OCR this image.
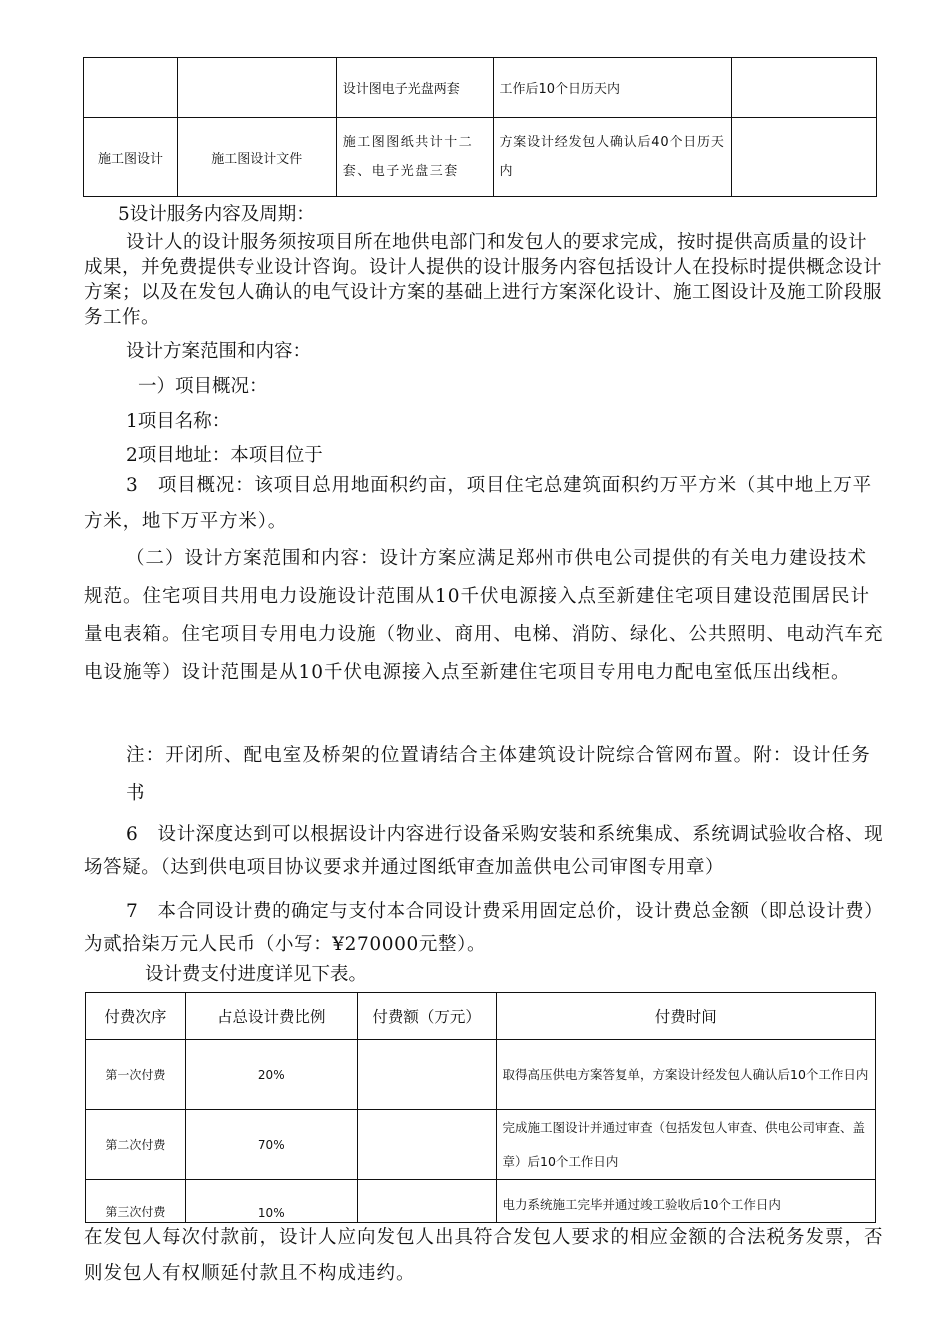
		设计图电子光盘两套	工作后10个日历天内	
施工图设计	施工图设计文件	施工图图纸共计十二套、电子光盘三套	方案设计经发包人确认后40个日历天内	

5设计服务内容及周期：

设计人的设计服务须按项目所在地供电部门和发包人的要求完成，按时提供高质量的设计成果，并免费提供专业设计咨询。设计人提供的设计服务内容包括设计人在投标时提供概念设计方案；以及在发包人确认的电气设计方案的基础上进行方案深化设计、施工图设计及施工阶段服务工作。

设计方案范围和内容：

一）项目概况：

1项目名称：

2项目地址：本项目位于

3　项目概况：该项目总用地面积约亩，项目住宅总建筑面积约万平方米（其中地上万平方米，地下万平方米）。

（二）设计方案范围和内容：设计方案应满足郑州市供电公司提供的有关电力建设技术规范。住宅项目共用电力设施设计范围从10千伏电源接入点至新建住宅项目建设范围居民计量电表箱。住宅项目专用电力设施（物业、商用、电梯、消防、绿化、公共照明、电动汽车充电设施等）设计范围是从10千伏电源接入点至新建住宅项目专用电力配电室低压出线柜。

注：开闭所、配电室及桥架的位置请结合主体建筑设计院综合管网布置。附：设计任务书

6　设计深度达到可以根据设计内容进行设备采购安装和系统集成、系统调试验收合格、现场答疑。（达到供电项目协议要求并通过图纸审查加盖供电公司审图专用章）

7　本合同设计费的确定与支付本合同设计费采用固定总价，设计费总金额（即总设计费）为贰拾柒万元人民币（小写：¥270000元整）。

设计费支付进度详见下表。

付费次序	占总设计费比例	付费额（万元）	付费时间
第一次付费	20%		取得高压供电方案答复单，方案设计经发包人确认后10个工作日内
第二次付费	70%		完成施工图设计并通过审查（包括发包人审查、供电公司审查、盖章）后10个工作日内
第三次付费	10%		电力系统施工完毕并通过竣工验收后10个工作日内

在发包人每次付款前，设计人应向发包人出具符合发包人要求的相应金额的合法税务发票，否则发包人有权顺延付款且不构成违约。
